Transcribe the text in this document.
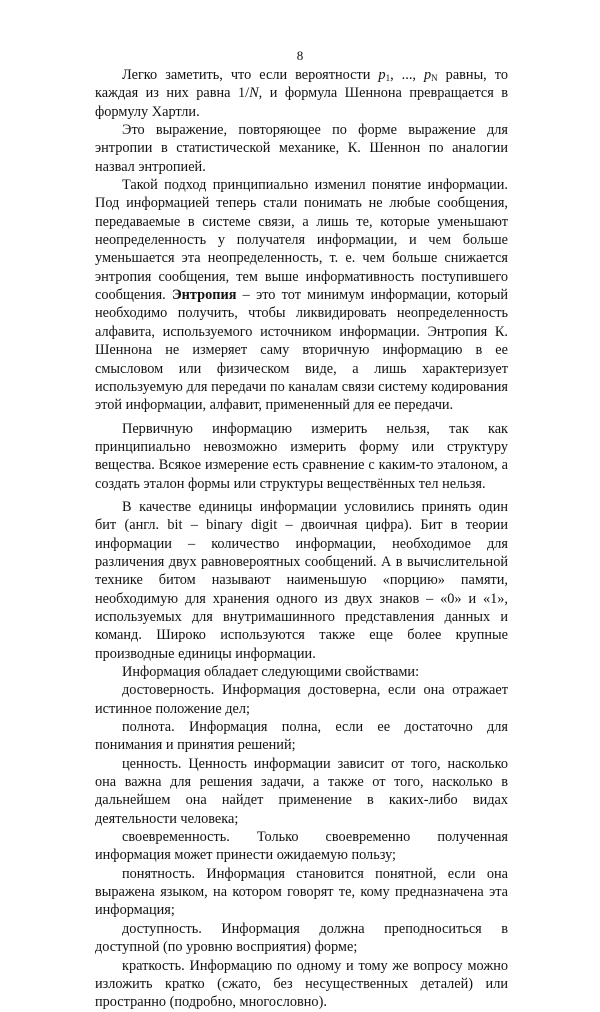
8

Легко заметить, что если вероятности $p_1$, ..., $p_N$ равны, то каждая из них равна 1/N, и формула Шеннона превращается в формулу Хартли.

Это выражение, повторяющее по форме выражение для энтропии в статистической механике, К. Шеннон по аналогии назвал энтропией.

Такой подход принципиально изменил понятие информации. Под информацией теперь стали понимать не любые сообщения, передаваемые в системе связи, а лишь те, которые уменьшают неопределенность у получателя информации, и чем больше уменьшается эта неопределенность, т. е. чем больше снижается энтропия сообщения, тем выше информативность поступившего сообщения. Энтропия – это тот минимум информации, который необходимо получить, чтобы ликвидировать неопределенность алфавита, используемого источником информации. Энтропия К. Шеннона не измеряет саму вторичную информацию в ее смысловом или физическом виде, а лишь характеризует используемую для передачи по каналам связи систему кодирования этой информации, алфавит, примененный для ее передачи.

Первичную информацию измерить нельзя, так как принципиально невозможно измерить форму или структуру вещества. Всякое измерение есть сравнение с каким-то эталоном, а создать эталон формы или структуры веществённых тел нельзя.

В качестве единицы информации условились принять один бит (англ. bit – binary digit – двоичная цифра). Бит в теории информации – количество информации, необходимое для различения двух равновероятных сообщений. А в вычислительной технике битом называют наименьшую «порцию» памяти, необходимую для хранения одного из двух знаков – «0» и «1», используемых для внутримашинного представления данных и команд. Широко используются также еще более крупные производные единицы информации.

Информация обладает следующими свойствами:

достоверность. Информация достоверна, если она отражает истинное положение дел;

полнота. Информация полна, если ее достаточно для понимания и принятия решений;

ценность. Ценность информации зависит от того, насколько она важна для решения задачи, а также от того, насколько в дальнейшем она найдет применение в каких-либо видах деятельности человека;

своевременность. Только своевременно полученная информация может принести ожидаемую пользу;

понятность. Информация становится понятной, если она выражена языком, на котором говорят те, кому предназначена эта информация;

доступность. Информация должна преподноситься в доступной (по уровню восприятия) форме;

краткость. Информацию по одному и тому же вопросу можно изложить кратко (сжато, без несущественных деталей) или пространно (подробно, многословно).
